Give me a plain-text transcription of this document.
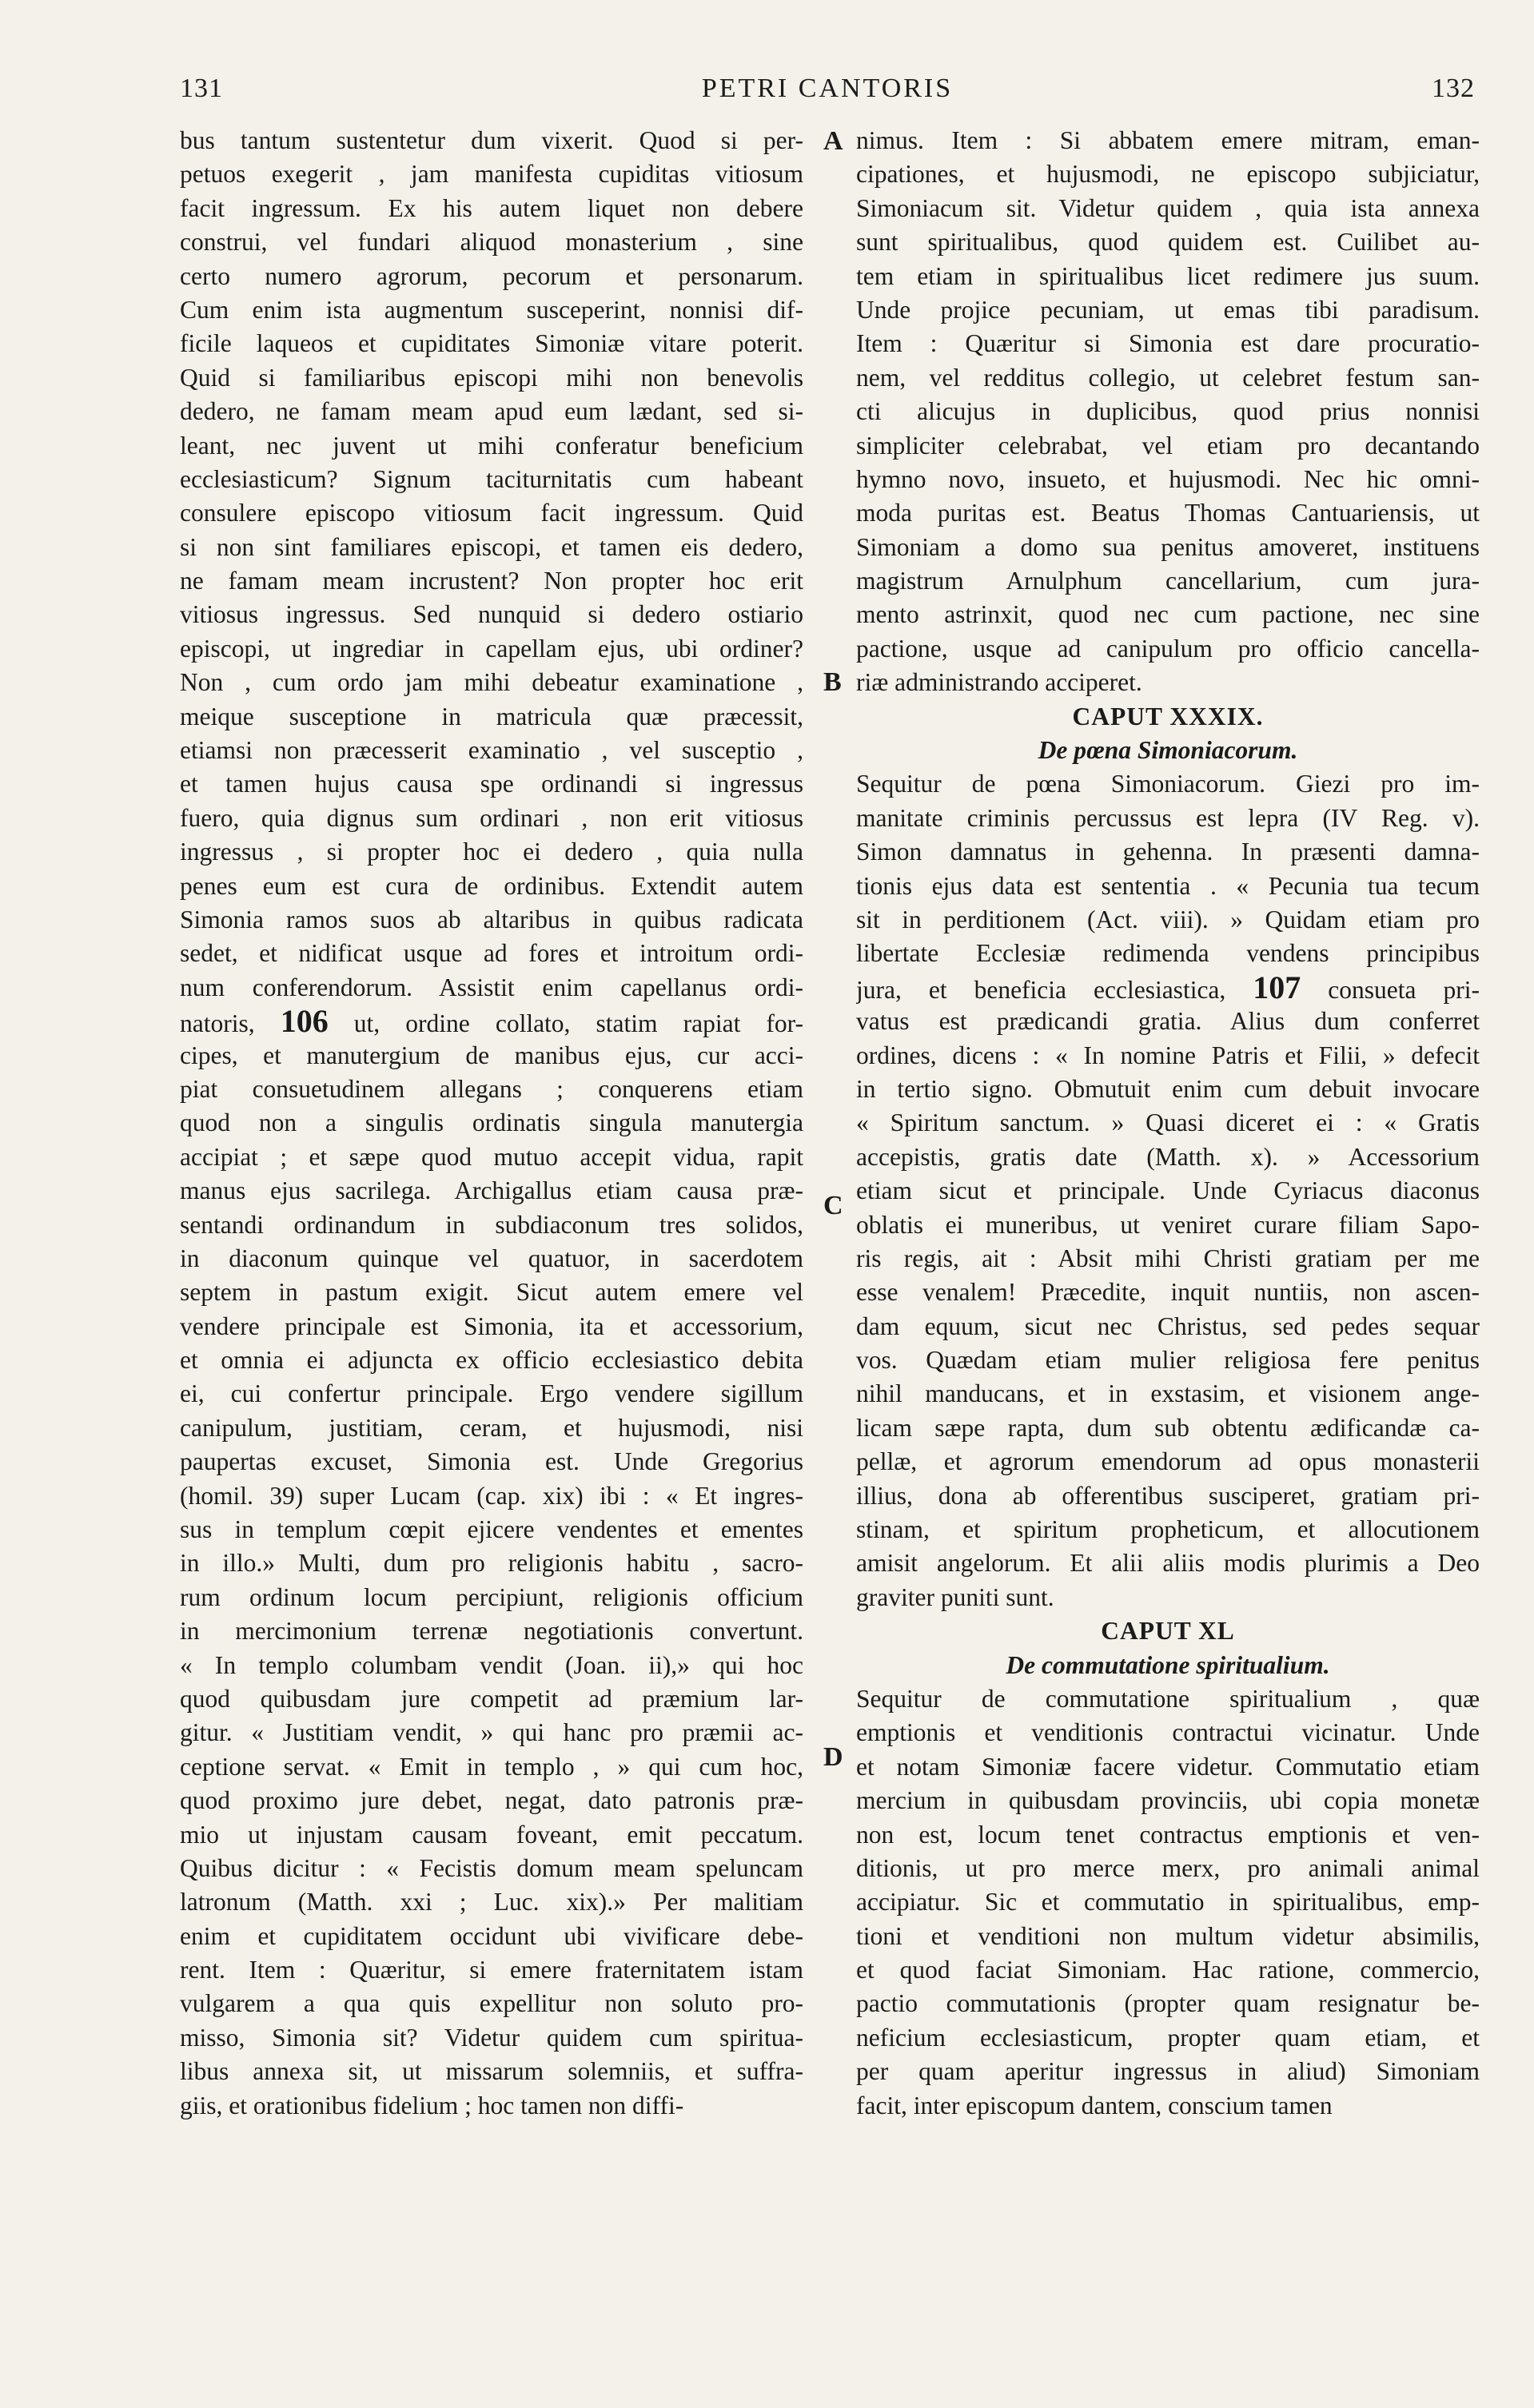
131	PETRI CANTORIS	132
A
B
C
D
bus tantum sustentetur dum vixerit. Quod si per-
petuos exegerit , jam manifesta cupiditas vitiosum
facit ingressum. Ex his autem liquet non debere
construi, vel fundari aliquod monasterium , sine
certo numero agrorum, pecorum et personarum.
Cum enim ista augmentum susceperint, nonnisi dif-
ficile laqueos et cupiditates Simoniæ vitare poterit.
Quid si familiaribus episcopi mihi non benevolis
dedero, ne famam meam apud eum lædant, sed si-
leant, nec juvent ut mihi conferatur beneficium
ecclesiasticum? Signum taciturnitatis cum habeant
consulere episcopo vitiosum facit ingressum. Quid
si non sint familiares episcopi, et tamen eis dedero,
ne famam meam incrustent? Non propter hoc erit
vitiosus ingressus. Sed nunquid si dedero ostiario
episcopi, ut ingrediar in capellam ejus, ubi ordiner?
Non , cum ordo jam mihi debeatur examinatione ,
meique susceptione in matricula quæ præcessit,
etiamsi non præcesserit examinatio , vel susceptio ,
et tamen hujus causa spe ordinandi si ingressus
fuero, quia dignus sum ordinari , non erit vitiosus
ingressus , si propter hoc ei dedero , quia nulla
penes eum est cura de ordinibus. Extendit autem
Simonia ramos suos ab altaribus in quibus radicata
sedet, et nidificat usque ad fores et introitum ordi-
num conferendorum. Assistit enim capellanus ordi-
natoris, 106 ut, ordine collato, statim rapiat for-
cipes, et manutergium de manibus ejus, cur acci-
piat consuetudinem allegans ; conquerens etiam
quod non a singulis ordinatis singula manutergia
accipiat ; et sæpe quod mutuo accepit vidua, rapit
manus ejus sacrilega. Archigallus etiam causa præ-
sentandi ordinandum in subdiaconum tres solidos,
in diaconum quinque vel quatuor, in sacerdotem
septem in pastum exigit. Sicut autem emere vel
vendere principale est Simonia, ita et accessorium,
et omnia ei adjuncta ex officio ecclesiastico debita
ei, cui confertur principale. Ergo vendere sigillum
canipulum, justitiam, ceram, et hujusmodi, nisi
paupertas excuset, Simonia est. Unde Gregorius
(homil. 39) super Lucam (cap. xix) ibi : « Et ingres-
sus in templum cœpit ejicere vendentes et ementes
in illo.» Multi, dum pro religionis habitu , sacro-
rum ordinum locum percipiunt, religionis officium
in mercimonium terrenæ negotiationis convertunt.
« In templo columbam vendit (Joan. ii),» qui hoc
quod quibusdam jure competit ad præmium lar-
gitur. « Justitiam vendit, » qui hanc pro præmii ac-
ceptione servat. « Emit in templo , » qui cum hoc,
quod proximo jure debet, negat, dato patronis præ-
mio ut injustam causam foveant, emit peccatum.
Quibus dicitur : « Fecistis domum meam speluncam
latronum (Matth. xxi ; Luc. xix).» Per malitiam
enim et cupiditatem occidunt ubi vivificare debe-
rent. Item : Quæritur, si emere fraternitatem istam
vulgarem a qua quis expellitur non soluto pro-
misso, Simonia sit? Videtur quidem cum spiritua-
libus annexa sit, ut missarum solemniis, et suffra-
giis, et orationibus fidelium ; hoc tamen non diffi-
nimus. Item : Si abbatem emere mitram, eman-
cipationes, et hujusmodi, ne episcopo subjiciatur,
Simoniacum sit. Videtur quidem , quia ista annexa
sunt spiritualibus, quod quidem est. Cuilibet au-
tem etiam in spiritualibus licet redimere jus suum.
Unde projice pecuniam, ut emas tibi paradisum.
Item : Quæritur si Simonia est dare procuratio-
nem, vel redditus collegio, ut celebret festum san-
cti alicujus in duplicibus, quod prius nonnisi
simpliciter celebrabat, vel etiam pro decantando
hymno novo, insueto, et hujusmodi. Nec hic omni-
moda puritas est. Beatus Thomas Cantuariensis, ut
Simoniam a domo sua penitus amoveret, instituens
magistrum Arnulphum cancellarium, cum jura-
mento astrinxit, quod nec cum pactione, nec sine
pactione, usque ad canipulum pro officio cancella-
riæ administrando acciperet.
CAPUT XXXIX.
De pœna Simoniacorum.
Sequitur de pœna Simoniacorum. Giezi pro im-
manitate criminis percussus est lepra (IV Reg. v).
Simon damnatus in gehenna. In præsenti damna-
tionis ejus data est sententia . « Pecunia tua tecum
sit in perditionem (Act. viii). » Quidam etiam pro
libertate Ecclesiæ redimenda vendens principibus
jura, et beneficia ecclesiastica, 107 consueta pri-
vatus est prædicandi gratia. Alius dum conferret
ordines, dicens : « In nomine Patris et Filii, » defecit
in tertio signo. Obmutuit enim cum debuit invocare
« Spiritum sanctum. » Quasi diceret ei : « Gratis
accepistis, gratis date (Matth. x). » Accessorium
etiam sicut et principale. Unde Cyriacus diaconus
oblatis ei muneribus, ut veniret curare filiam Sapo-
ris regis, ait : Absit mihi Christi gratiam per me
esse venalem! Præcedite, inquit nuntiis, non ascen-
dam equum, sicut nec Christus, sed pedes sequar
vos. Quædam etiam mulier religiosa fere penitus
nihil manducans, et in exstasim, et visionem ange-
licam sæpe rapta, dum sub obtentu ædificandæ ca-
pellæ, et agrorum emendorum ad opus monasterii
illius, dona ab offerentibus susciperet, gratiam pri-
stinam, et spiritum propheticum, et allocutionem
amisit angelorum. Et alii aliis modis plurimis a Deo
graviter puniti sunt.
CAPUT XL
De commutatione spiritualium.
Sequitur de commutatione spiritualium , quæ
emptionis et venditionis contractui vicinatur. Unde
et notam Simoniæ facere videtur. Commutatio etiam
mercium in quibusdam provinciis, ubi copia monetæ
non est, locum tenet contractus emptionis et ven-
ditionis, ut pro merce merx, pro animali animal
accipiatur. Sic et commutatio in spiritualibus, emp-
tioni et venditioni non multum videtur absimilis,
et quod faciat Simoniam. Hac ratione, commercio,
pactio commutationis (propter quam resignatur be-
neficium ecclesiasticum, propter quam etiam, et
per quam aperitur ingressus in aliud) Simoniam
facit, inter episcopum dantem, conscium tamen
